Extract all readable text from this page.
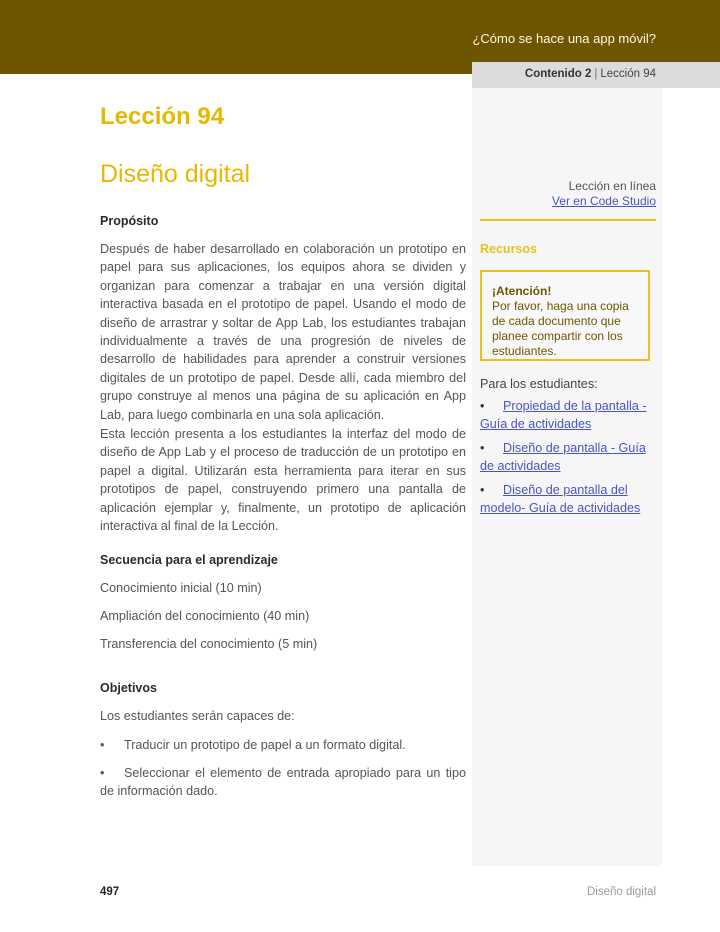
¿Cómo se hace una app móvil?
Contenido 2 | Lección 94
Lección 94
Diseño digital
Propósito
Después de haber desarrollado en colaboración un prototipo en papel para sus aplicaciones, los equipos ahora se dividen y organizan para comenzar a trabajar en una versión digital interactiva basada en el prototipo de papel. Usando el modo de diseño de arrastrar y soltar de App Lab, los estudiantes trabajan individualmente a través de una progresión de niveles de desarrollo de habilidades para aprender a construir versiones digitales de un prototipo de papel. Desde allí, cada miembro del grupo construye al menos una página de su aplicación en App Lab, para luego combinarla en una sola aplicación.
Esta lección presenta a los estudiantes la interfaz del modo de diseño de App Lab y el proceso de traducción de un prototipo en papel a digital. Utilizarán esta herramienta para iterar en sus prototipos de papel, construyendo primero una pantalla de aplicación ejemplar y, finalmente, un prototipo de aplicación interactiva al final de la Lección.
Secuencia para el aprendizaje
Conocimiento inicial (10 min)
Ampliación del conocimiento (40 min)
Transferencia del conocimiento (5 min)
Objetivos
Los estudiantes serán capaces de:
• Traducir un prototipo de papel a un formato digital.
• Seleccionar el elemento de entrada apropiado para un tipo de información dado.
Lección en línea
Ver en Code Studio
Recursos
¡Atención!
Por favor, haga una copia de cada documento que planee compartir con los estudiantes.
Para los estudiantes:
• Propiedad de la pantalla - Guía de actividades
• Diseño de pantalla - Guía de actividades
• Diseño de pantalla del modelo- Guía de actividades
497	Diseño digital
